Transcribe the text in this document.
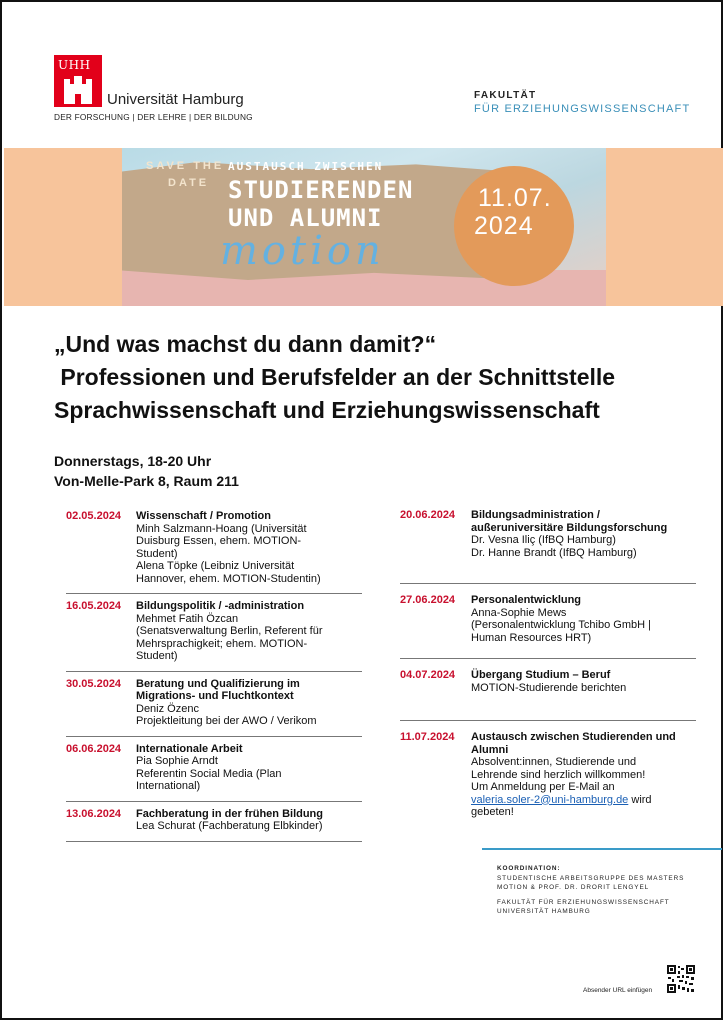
UHH
Universität Hamburg
DER FORSCHUNG | DER LEHRE | DER BILDUNG
FAKULTÄT
FÜR ERZIEHUNGSWISSENSCHAFT
SAVE THE
DATE
AUSTAUSCH ZWISCHEN
STUDIERENDEN
UND ALUMNI
motion
11.07.
2024
„Und was machst du dann damit?“
Professionen und Berufsfelder an der Schnittstelle
Sprachwissenschaft und Erziehungswissenschaft
Donnerstags, 18-20 Uhr
Von-Melle-Park 8, Raum 211
02.05.2024 Wissenschaft / Promotion
Minh Salzmann-Hoang (Universität
Duisburg Essen, ehem. MOTION-
Student)
Alena Töpke (Leibniz Universität
Hannover, ehem. MOTION-Studentin)
16.05.2024 Bildungspolitik / -administration
Mehmet Fatih Özcan
(Senatsverwaltung Berlin, Referent für
Mehrsprachigkeit; ehem. MOTION-
Student)
30.05.2024 Beratung und Qualifizierung im
Migrations- und Fluchtkontext
Deniz Özenc
Projektleitung bei der AWO / Verikom
06.06.2024 Internationale Arbeit
Pia Sophie Arndt
Referentin Social Media (Plan
International)
13.06.2024 Fachberatung in der frühen Bildung
Lea Schurat (Fachberatung Elbkinder)
20.06.2024 Bildungsadministration /
außeruniversitäre Bildungsforschung
Dr. Vesna Iliç (IfBQ Hamburg)
Dr. Hanne Brandt (IfBQ Hamburg)
27.06.2024 Personalentwicklung
Anna-Sophie Mews
(Personalentwicklung Tchibo GmbH |
Human Resources HRT)
04.07.2024 Übergang Studium – Beruf
MOTION-Studierende berichten
11.07.2024 Austausch zwischen Studierenden und
Alumni
Absolvent:innen, Studierende und
Lehrende sind herzlich willkommen!
Um Anmeldung per E-Mail an
valeria.soler-2@uni-hamburg.de wird
gebeten!
KOORDINATION:
STUDENTISCHE ARBEITSGRUPPE DES MASTERS
MOTION & PROF. DR. DRORIT LENGYEL
FAKULTÄT FÜR ERZIEHUNGSWISSENSCHAFT
UNIVERSITÄT HAMBURG
Absender URL einfügen
